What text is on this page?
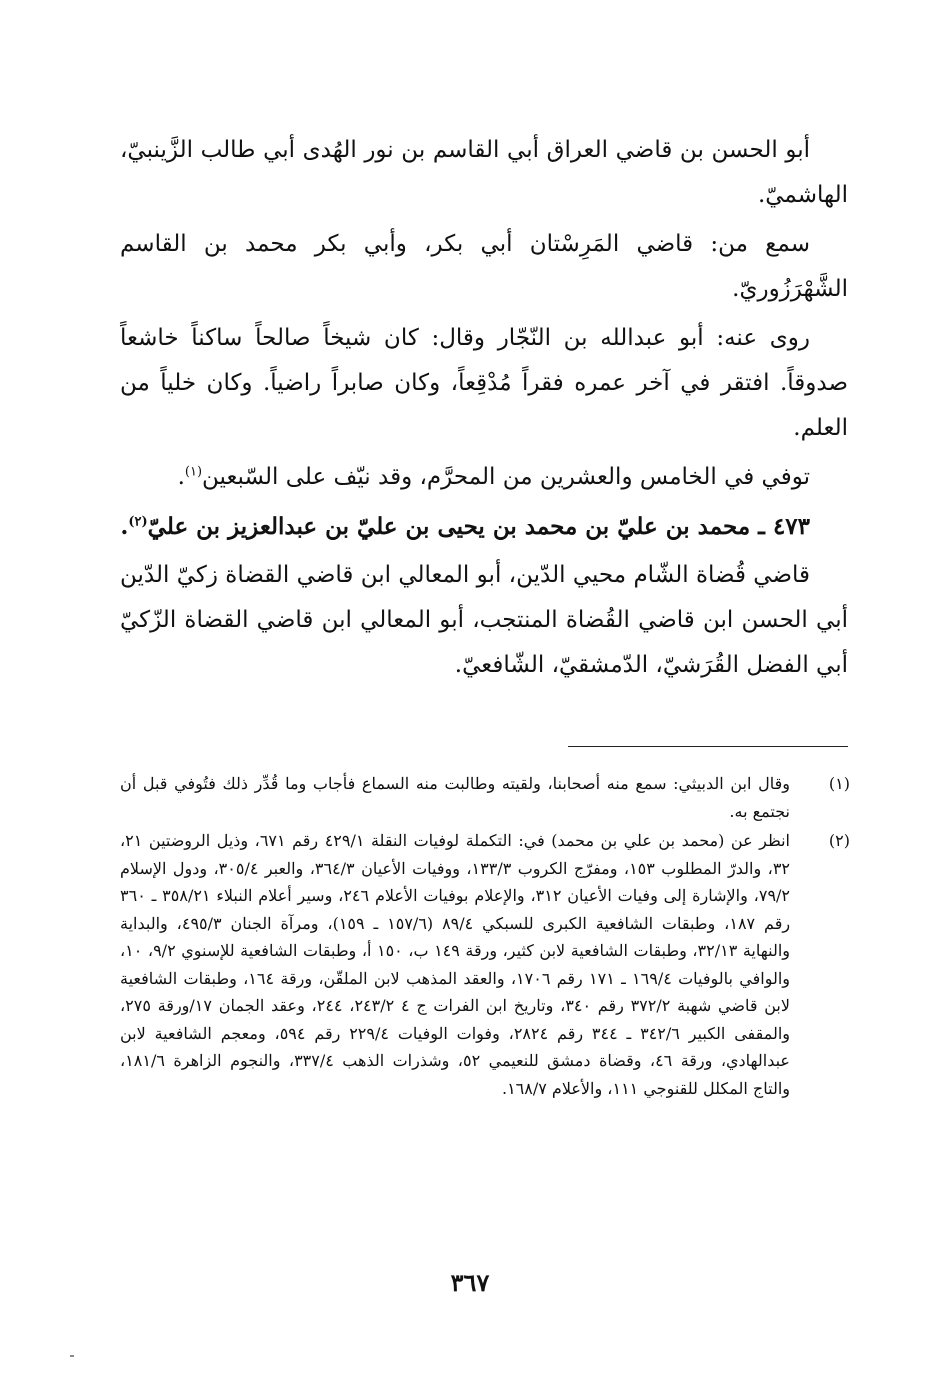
أبو الحسن بن قاضي العراق أبي القاسم بن نور الهُدى أبي طالب الزَّينبيّ، الهاشميّ.

سمع من: قاضي المَرِسْتان أبي بكر، وأبي بكر محمد بن القاسم الشَّهْرَزُوريّ.

روى عنه: أبو عبدالله بن النّجّار وقال: كان شيخاً صالحاً ساكناً خاشعاً صدوقاً. افتقر في آخر عمره فقراً مُدْقِعاً، وكان صابراً راضياً. وكان خلياً من العلم.

توفي في الخامس والعشرين من المحرَّم، وقد نيّف على السّبعين$^{(١)}$.

٤٧٣ ـ محمد بن عليّ بن محمد بن يحيى بن عليّ بن عبدالعزيز بن عليّ$^{(٢)}$.

قاضي قُضاة الشّام محيي الدّين، أبو المعالي ابن قاضي القضاة زكيّ الدّين أبي الحسن ابن قاضي القُضاة المنتجب، أبو المعالي ابن قاضي القضاة الزّكيّ أبي الفضل القُرَشيّ، الدّمشقيّ، الشّافعيّ.

(١)
وقال ابن الدبيثي: سمع منه أصحابنا، ولقيته وطالبت منه السماع فأجاب وما قُدِّر ذلك فتُوفي قبل أن نجتمع به.
(٢)
انظر عن (محمد بن علي بن محمد) في: التكملة لوفيات النقلة ٤٢٩/١ رقم ٦٧١، وذيل الروضتين ٢١، ٣٢، والدرّ المطلوب ١٥٣، ومفرّج الكروب ١٣٣/٣، ووفيات الأعيان ٣٦٤/٣، والعبر ٣٠٥/٤، ودول الإسلام ٧٩/٢، والإشارة إلى وفيات الأعيان ٣١٢، والإعلام بوفيات الأعلام ٢٤٦، وسير أعلام النبلاء ٣٥٨/٢١ ـ ٣٦٠ رقم ١٨٧، وطبقات الشافعية الكبرى للسبكي ٨٩/٤ (١٥٧/٦ ـ ١٥٩)، ومرآة الجنان ٤٩٥/٣، والبداية والنهاية ٣٢/١٣، وطبقات الشافعية لابن كثير، ورقة ١٤٩ ب، ١٥٠ أ، وطبقات الشافعية للإسنوي ٩/٢، ١٠، والوافي بالوفيات ١٦٩/٤ ـ ١٧١ رقم ١٧٠٦، والعقد المذهب لابن الملقّن، ورقة ١٦٤، وطبقات الشافعية لابن قاضي شهبة ٣٧٢/٢ رقم ٣٤٠، وتاريخ ابن الفرات ج ٤ ٢٤٣/٢، ٢٤٤، وعقد الجمان ١٧/ورقة ٢٧٥، والمقفى الكبير ٣٤٢/٦ ـ ٣٤٤ رقم ٢٨٢٤، وفوات الوفيات ٢٢٩/٤ رقم ٥٩٤، ومعجم الشافعية لابن عبدالهادي، ورقة ٤٦، وقضاة دمشق للنعيمي ٥٢، وشذرات الذهب ٣٣٧/٤، والنجوم الزاهرة ١٨١/٦، والتاج المكلل للقنوجي ١١١، والأعلام ١٦٨/٧.
٣٦٧
